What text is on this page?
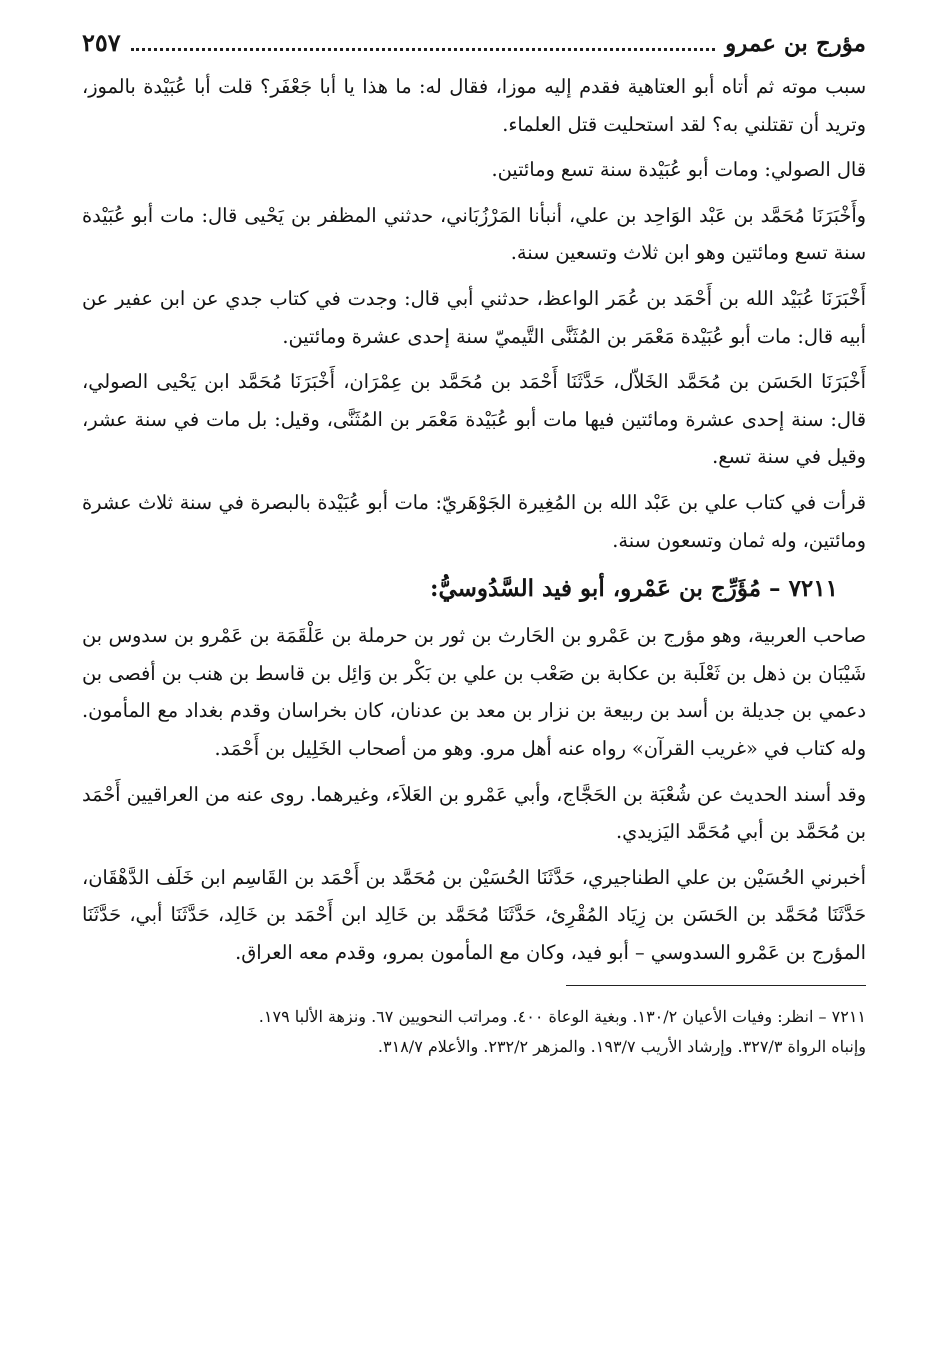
مؤرج بن عمرو
٢٥٧

سبب موته ثم أتاه أبو العتاهية فقدم إليه موزا، فقال له: ما هذا يا أبا جَعْفَر؟ قلت أبا عُبَيْدة بالموز، وتريد أن تقتلني به؟ لقد استحليت قتل العلماء.

قال الصولي: ومات أبو عُبَيْدة سنة تسع ومائتين.

وأَخْبَرَنَا مُحَمَّد بن عَبْد الوَاحِد بن علي، أنبأنا المَرْزُبَاني، حدثني المظفر بن يَحْيى قال: مات أبو عُبَيْدة سنة تسع ومائتين وهو ابن ثلاث وتسعين سنة.

أَخْبَرَنَا عُبَيْد الله بن أَحْمَد بن عُمَر الواعظ، حدثني أبي قال: وجدت في كتاب جدي عن ابن عفير عن أبيه قال: مات أبو عُبَيْدة مَعْمَر بن المُثَنَّى التَّيميّ سنة إحدى عشرة ومائتين.

أَخْبَرَنَا الحَسَن بن مُحَمَّد الخَلاّل، حَدَّثَنَا أَحْمَد بن مُحَمَّد بن عِمْرَان، أَخْبَرَنَا مُحَمَّد ابن يَحْيى الصولي، قال: سنة إحدى عشرة ومائتين فيها مات أبو عُبَيْدة مَعْمَر بن المُثَنَّى، وقيل: بل مات في سنة عشر، وقيل في سنة تسع.

قرأت في كتاب علي بن عَبْد الله بن المُغِيرة الجَوْهَريّ: مات أبو عُبَيْدة بالبصرة في سنة ثلاث عشرة ومائتين، وله ثمان وتسعون سنة.

٧٢١١ – مُؤَرِّج بن عَمْرو، أبو فيد السَّدُوسيُّ:

صاحب العربية، وهو مؤرج بن عَمْرو بن الحَارث بن ثور بن حرملة بن عَلْقَمَة بن عَمْرو بن سدوس بن شَيْبَان بن ذهل بن ثَعْلَبة بن عكابة بن صَعْب بن علي بن بَكْر بن وَائِل بن قاسط بن هنب بن أفصى بن دعمي بن جديلة بن أسد بن ربيعة بن نزار بن معد بن عدنان، كان بخراسان وقدم بغداد مع المأمون. وله كتاب في «غريب القرآن» رواه عنه أهل مرو. وهو من أصحاب الخَلِيل بن أَحْمَد.

وقد أسند الحديث عن شُعْبَة بن الحَجَّاج، وأبي عَمْرو بن العَلاَء، وغيرهما. روى عنه من العراقيين أَحْمَد بن مُحَمَّد بن أبي مُحَمَّد اليَزيدي.

أخبرني الحُسَيْن بن علي الطناجيري، حَدَّثَنَا الحُسَيْن بن مُحَمَّد بن أَحْمَد بن القَاسِم ابن خَلَف الدَّهْقَان، حَدَّثَنَا مُحَمَّد بن الحَسَن بن زِيَاد المُقْرِئ، حَدَّثَنَا مُحَمَّد بن خَالِد ابن أَحْمَد بن خَالِد، حَدَّثَنَا أبي، حَدَّثَنَا المؤرج بن عَمْرو السدوسي – أبو فيد، وكان مع المأمون بمرو، وقدم معه العراق.

٧٢١١ – انظر: وفيات الأعيان ١٣٠/٢. وبغية الوعاة ٤٠٠. ومراتب النحويين ٦٧. ونزهة الألبا ١٧٩.

وإنباه الرواة ٣٢٧/٣. وإرشاد الأريب ١٩٣/٧. والمزهر ٢٣٢/٢. والأعلام ٣١٨/٧.
